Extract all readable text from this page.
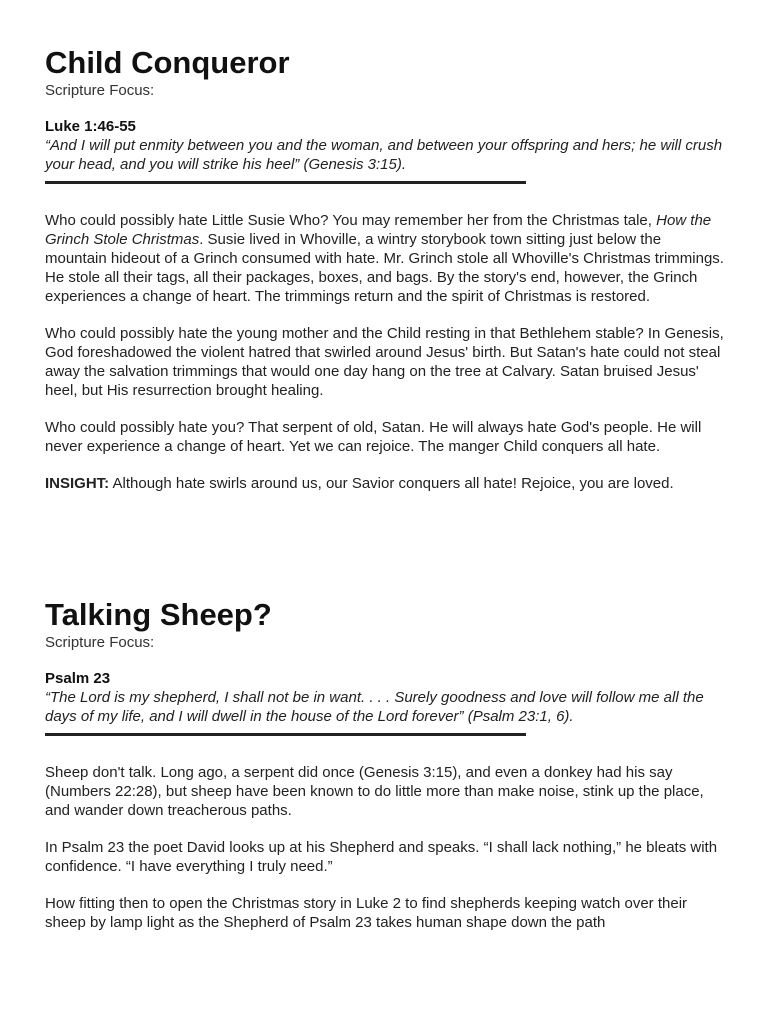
Child Conqueror

Scripture Focus:

Luke 1:46-55

“And I will put enmity between you and the woman, and between your offspring and hers; he will crush your head, and you will strike his heel” (Genesis 3:15).

Who could possibly hate Little Susie Who? You may remember her from the Christmas tale, How the Grinch Stole Christmas. Susie lived in Whoville, a wintry storybook town sitting just below the mountain hideout of a Grinch consumed with hate. Mr. Grinch stole all Whoville's Christmas trimmings. He stole all their tags, all their packages, boxes, and bags. By the story's end, however, the Grinch experiences a change of heart. The trimmings return and the spirit of Christmas is restored.

Who could possibly hate the young mother and the Child resting in that Bethlehem stable? In Genesis, God foreshadowed the violent hatred that swirled around Jesus' birth. But Satan's hate could not steal away the salvation trimmings that would one day hang on the tree at Calvary. Satan bruised Jesus' heel, but His resurrection brought healing.

Who could possibly hate you? That serpent of old, Satan. He will always hate God's people. He will never experience a change of heart. Yet we can rejoice. The manger Child conquers all hate.

INSIGHT: Although hate swirls around us, our Savior conquers all hate! Rejoice, you are loved.

Talking Sheep?

Scripture Focus:

Psalm 23

“The Lord is my shepherd, I shall not be in want. . . . Surely goodness and love will follow me all the days of my life, and I will dwell in the house of the Lord forever” (Psalm 23:1, 6).

Sheep don't talk. Long ago, a serpent did once (Genesis 3:15), and even a donkey had his say (Numbers 22:28), but sheep have been known to do little more than make noise, stink up the place, and wander down treacherous paths.

In Psalm 23 the poet David looks up at his Shepherd and speaks. “I shall lack nothing,” he bleats with confidence. “I have everything I truly need.”

How fitting then to open the Christmas story in Luke 2 to find shepherds keeping watch over their sheep by lamp light as the Shepherd of Psalm 23 takes human shape down the path
